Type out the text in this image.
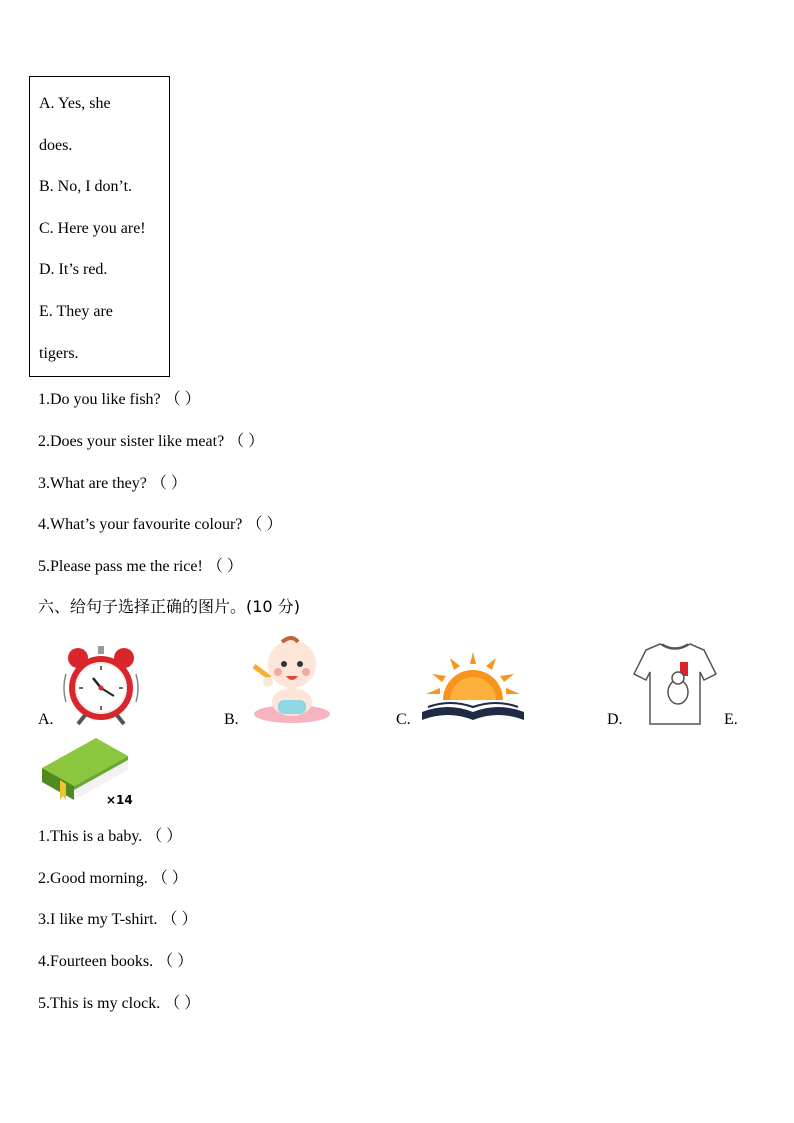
A. Yes, she
does.
B. No, I don’t.
C. Here you are!
D. It’s red.
E. They are
tigers.
1.Do you like fish? （ ）
2.Does your sister like meat? （ ）
3.What are they? （ ）
4.What’s your favourite colour? （ ）
5.Please pass me the rice! （ ）
六、给句子选择正确的图片。(10 分)
A.	B.	C.	D.	E.
×14
1.This is a baby. （ ）
2.Good morning. （ ）
3.I like my T-shirt. （ ）
4.Fourteen books. （ ）
5.This is my clock. （ ）
